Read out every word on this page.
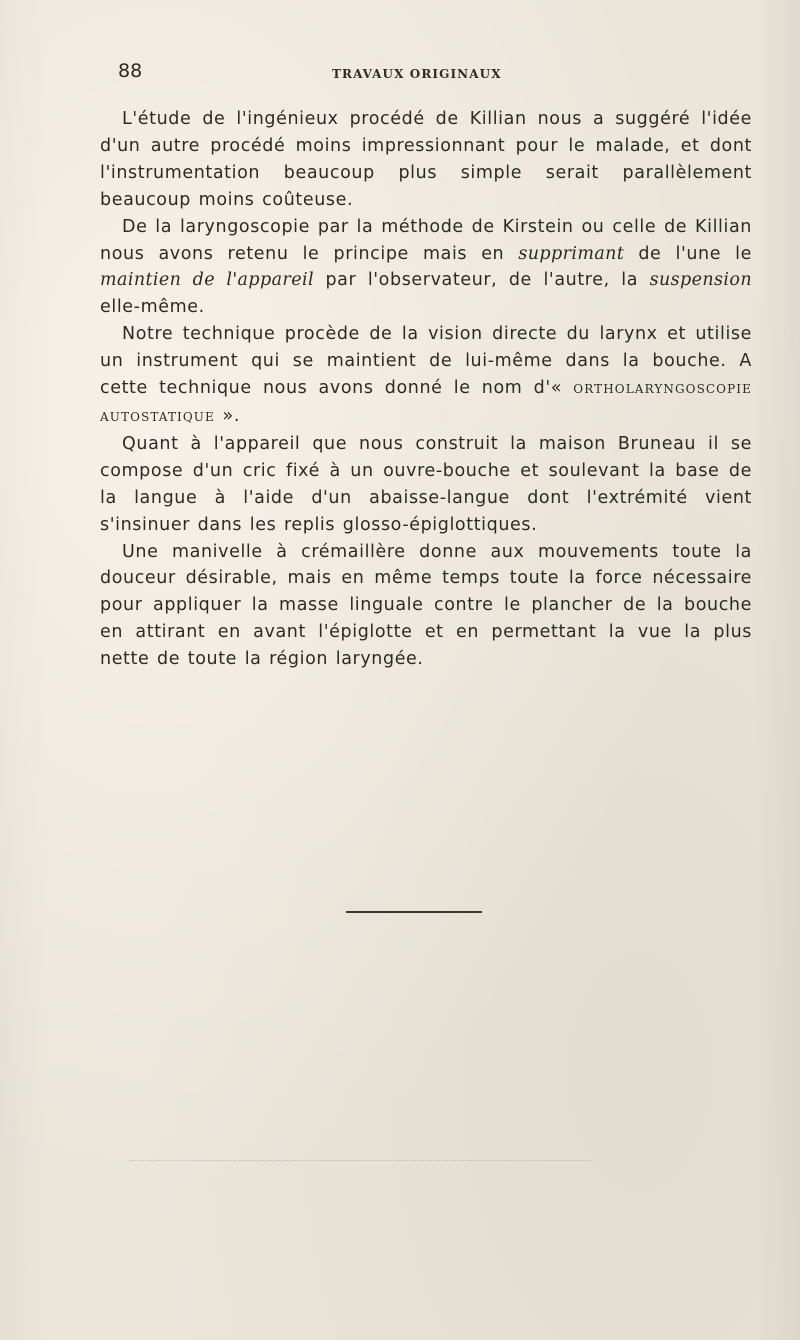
88	TRAVAUX ORIGINAUX

L'étude de l'ingénieux procédé de Killian nous a suggéré l'idée d'un autre procédé moins impressionnant pour le malade, et dont l'instrumentation beaucoup plus simple serait parallèlement beaucoup moins coûteuse.

De la laryngoscopie par la méthode de Kirstein ou celle de Killian nous avons retenu le principe mais en supprimant de l'une le maintien de l'appareil par l'observateur, de l'autre, la suspension elle-même.

Notre technique procède de la vision directe du larynx et utilise un instrument qui se maintient de lui-même dans la bouche. A cette technique nous avons donné le nom d'« ORTHOLARYNGOSCOPIE AUTOSTATIQUE ».

Quant à l'appareil que nous construit la maison Bruneau il se compose d'un cric fixé à un ouvre-bouche et soulevant la base de la langue à l'aide d'un abaisse-langue dont l'extrémité vient s'insinuer dans les replis glosso-épiglottiques.

Une manivelle à crémaillère donne aux mouvements toute la douceur désirable, mais en même temps toute la force nécessaire pour appliquer la masse linguale contre le plancher de la bouche en attirant en avant l'épiglotte et en permettant la vue la plus nette de toute la région laryngée.
